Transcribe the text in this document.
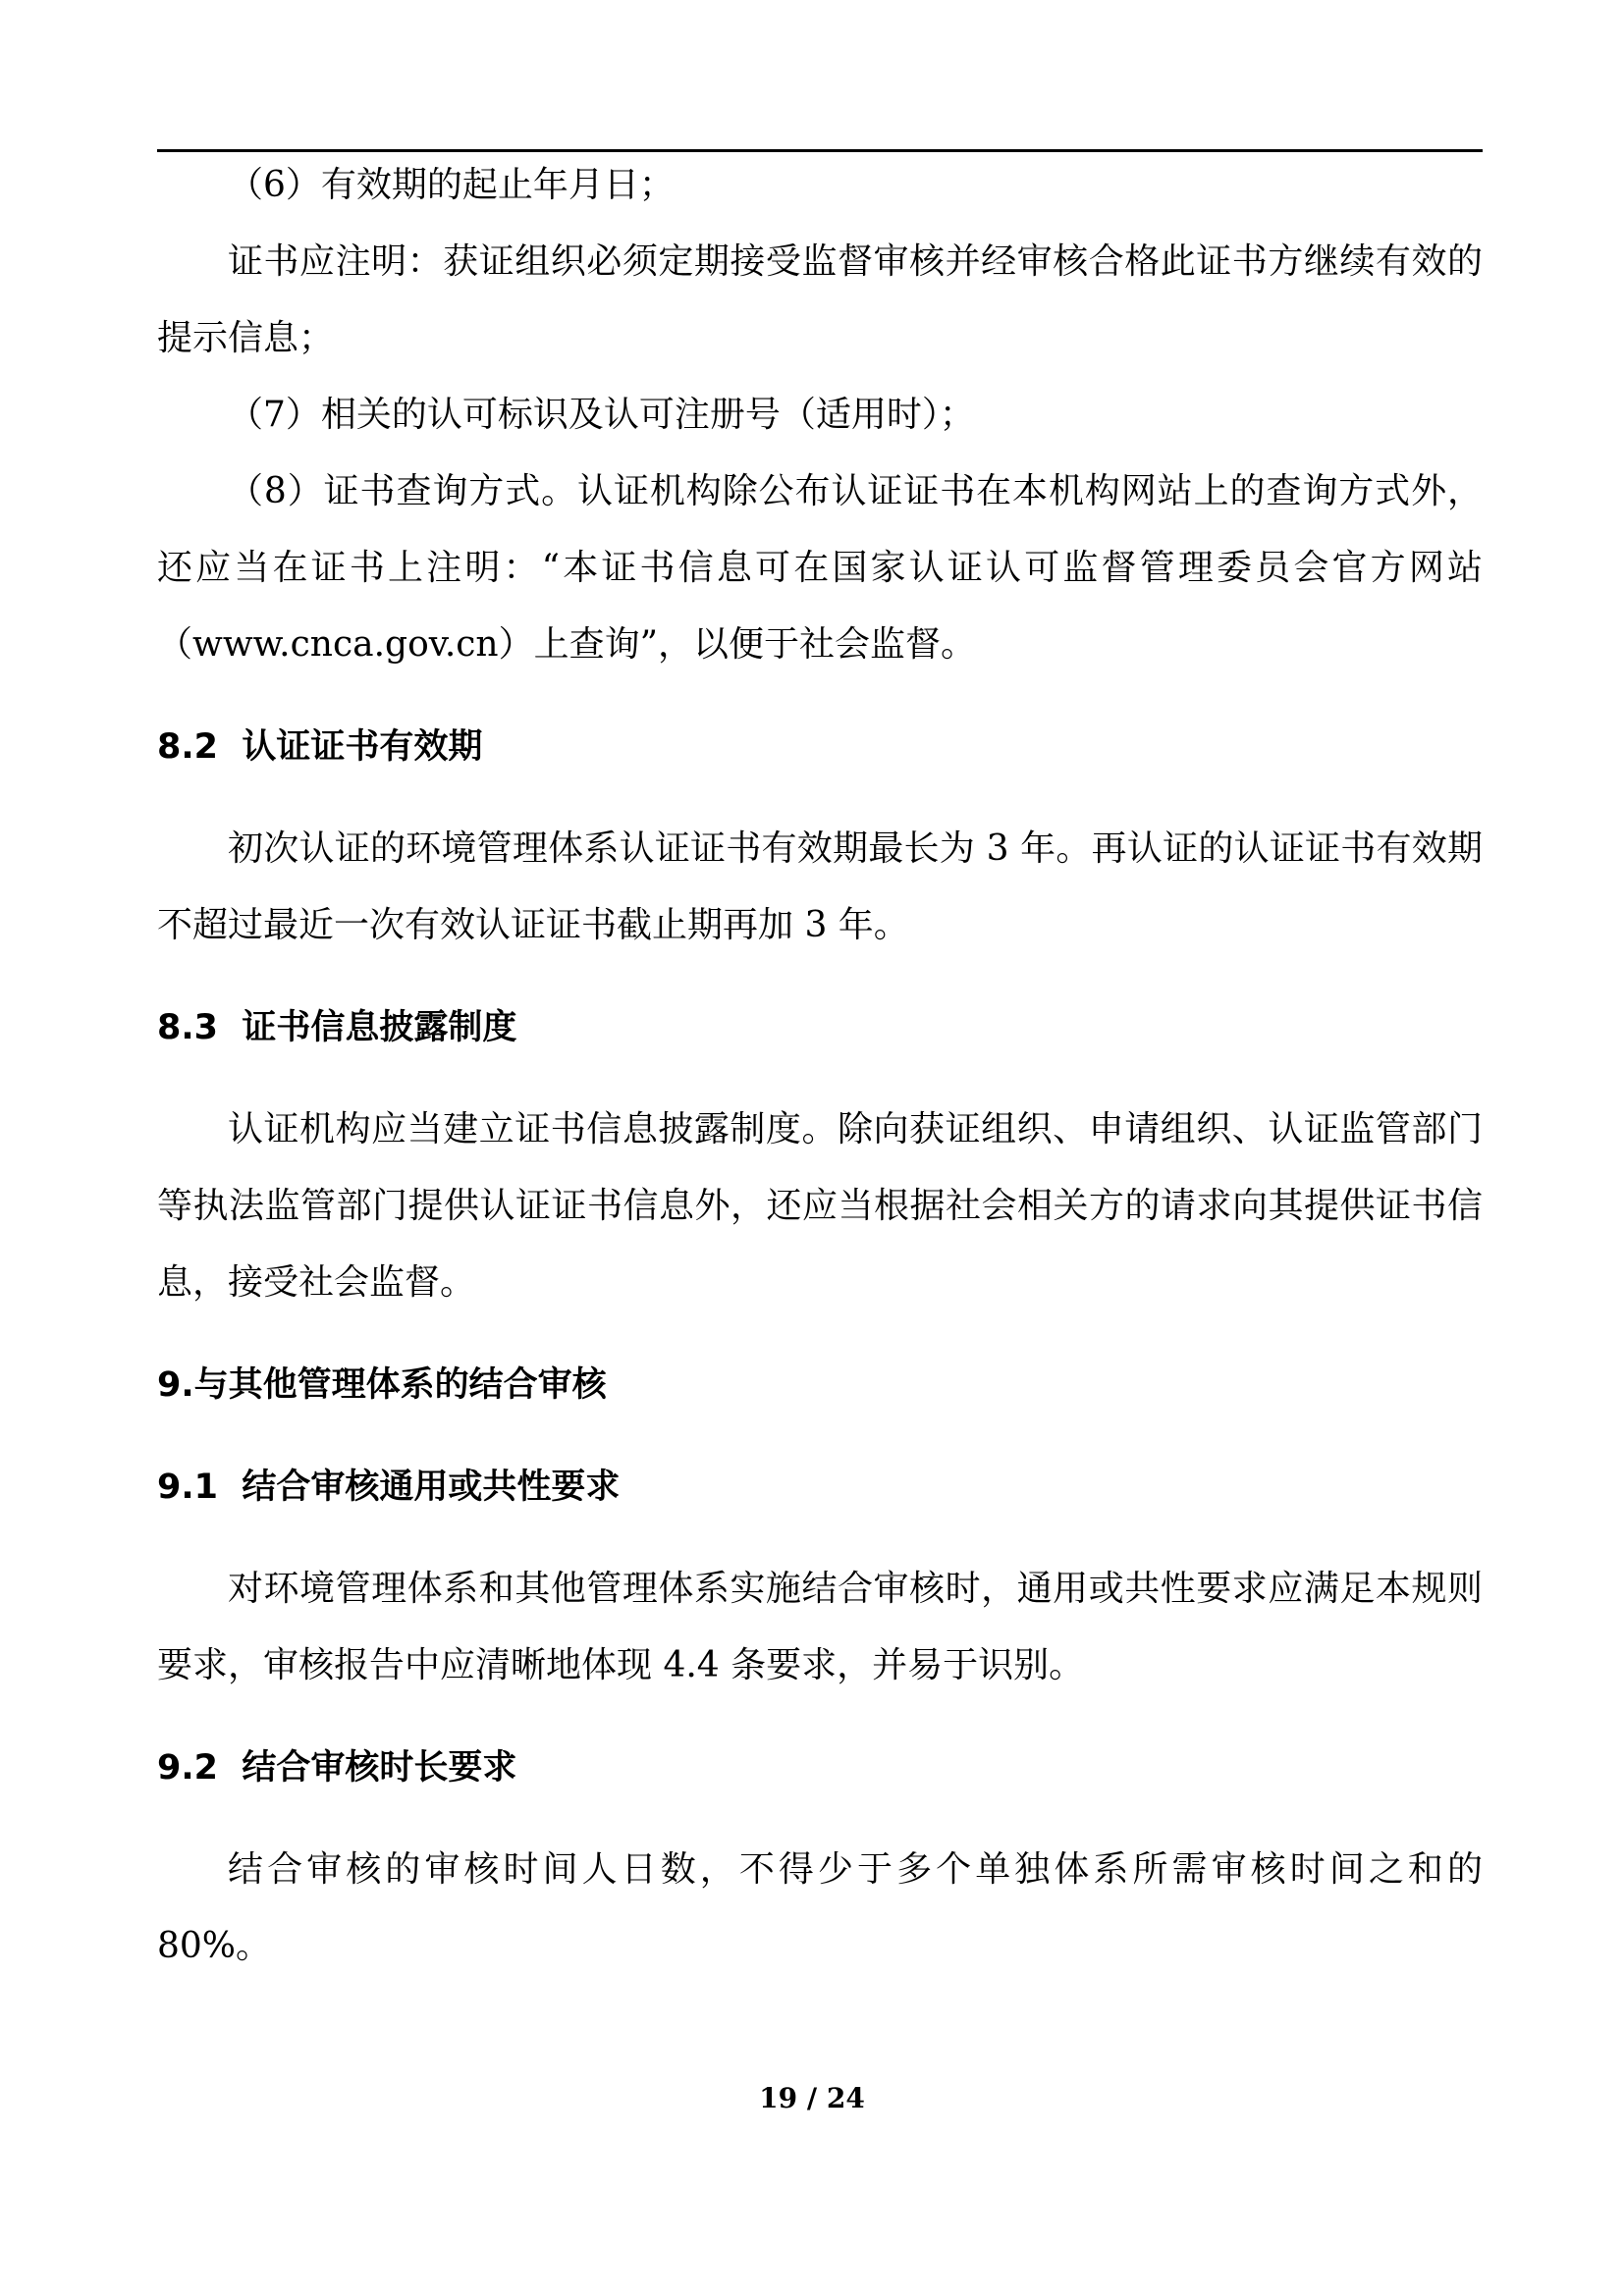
（6）有效期的起止年月日；

证书应注明：获证组织必须定期接受监督审核并经审核合格此证书方继续有效的提示信息；

（7）相关的认可标识及认可注册号（适用时）；

（8）证书查询方式。认证机构除公布认证证书在本机构网站上的查询方式外，还应当在证书上注明：“本证书信息可在国家认证认可监督管理委员会官方网站（www.cnca.gov.cn）上查询”，以便于社会监督。

8.2  认证证书有效期

初次认证的环境管理体系认证证书有效期最长为 3 年。再认证的认证证书有效期不超过最近一次有效认证证书截止期再加 3 年。

8.3  证书信息披露制度

认证机构应当建立证书信息披露制度。除向获证组织、申请组织、认证监管部门等执法监管部门提供认证证书信息外，还应当根据社会相关方的请求向其提供证书信息，接受社会监督。

9.与其他管理体系的结合审核

9.1  结合审核通用或共性要求

对环境管理体系和其他管理体系实施结合审核时，通用或共性要求应满足本规则要求，审核报告中应清晰地体现 4.4 条要求，并易于识别。

9.2  结合审核时长要求

结合审核的审核时间人日数，不得少于多个单独体系所需审核时间之和的 80%。

19 / 24
